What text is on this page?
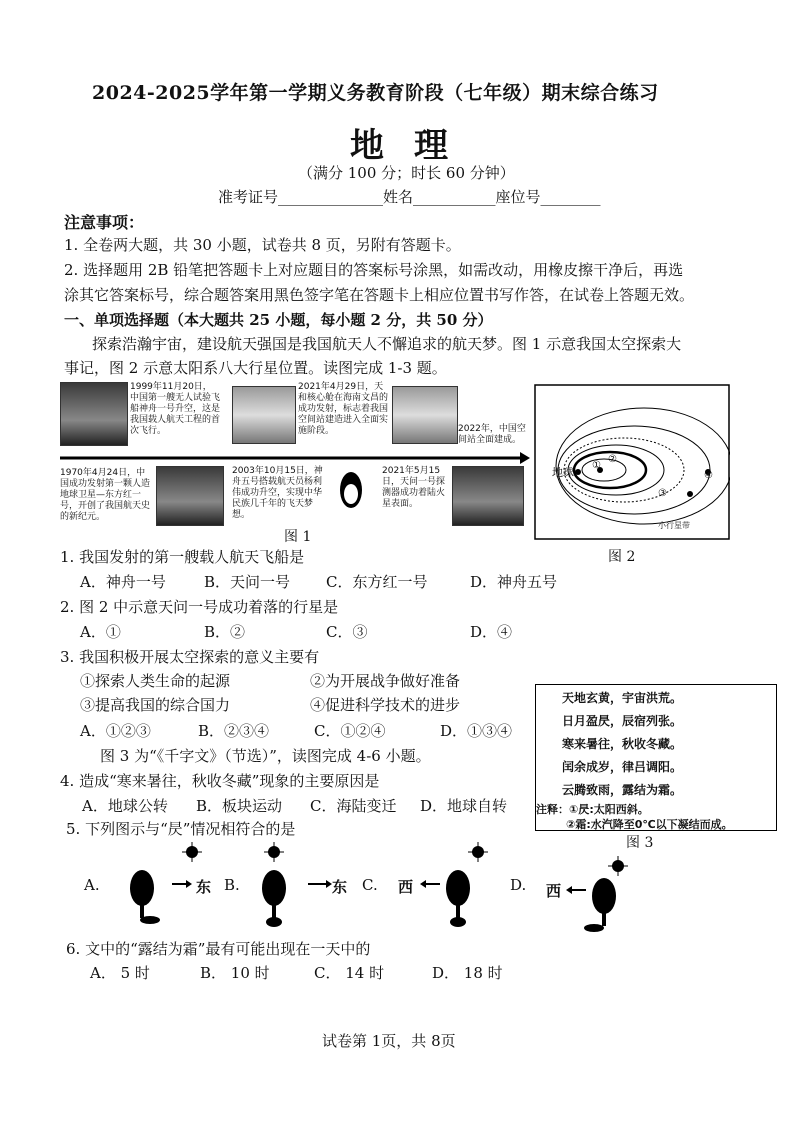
2024-2025学年第一学期义务教育阶段（七年级）期末综合练习
地理
（满分 100 分；时长 60 分钟）
准考证号______________姓名___________座位号________
注意事项：
1. 全卷两大题，共 30 小题，试卷共 8 页，另附有答题卡。
2. 选择题用 2B 铅笔把答题卡上对应题目的答案标号涂黑，如需改动，用橡皮擦干净后，再选
涂其它答案标号，综合题答案用黑色签字笔在答题卡上相应位置书写作答，在试卷上答题无效。
一、单项选择题（本大题共 25 小题，每小题 2 分，共 50 分）
探索浩瀚宇宙，建设航天强国是我国航天人不懈追求的航天梦。图 1 示意我国太空探索大
事记，图 2 示意太阳系八大行星位置。读图完成 1-3 题。
1999年11月20日，中国第一艘无人试验飞船神舟一号升空，这是我国载人航天工程的首次飞行。
2021年4月29日，天和核心舱在海南文昌的成功发射，标志着我国空间站建造进入全面实施阶段。	2022年，中国空间站全面建成。
1970年4月24日，中国成功发射第一颗人造地球卫星—东方红一号，开创了我国航天史的新纪元。
2003年10月15日，神舟五号搭载航天员杨利伟成功升空，实现中华民族几千年的飞天梦想。
2021年5月15日，天问一号探测器成功着陆火星表面。
图 1
地球
①
②
③
④
小行星带
图 2
1. 我国发射的第一艘载人航天飞船是
A．神舟一号	B．天问一号 C．东方红一号	D．神舟五号
2. 图 2 中示意天问一号成功着落的行星是
A．①	B．②	C．③	D．④
3. 我国积极开展太空探索的意义主要有
①探索人类生命的起源	②为开展战争做好准备
③提高我国的综合国力	④促进科学技术的进步
A．①②③	B．②③④	C．①②④	D．①③④
天地玄黄，宇宙洪荒。
日月盈昃，辰宿列张。
寒来暑往，秋收冬藏。
闰余成岁，律吕调阳。
云腾致雨，露结为霜。
注释：①昃:太阳西斜。
②霜:水汽降至0℃以下凝结而成。
图 3
图 3 为“《千字文》（节选）”，读图完成 4-6 小题。
4. 造成“寒来暑往，秋收冬藏”现象的主要原因是
A．地球公转 B．板块运动 C．海陆变迁 D．地球自转
5. 下列图示与“昃”情况相符合的是
A.	东 B.	东 C. 西	D. 西
6. 文中的“露结为霜”最有可能出现在一天中的
A． 5 时	B． 10 时	C． 14 时	D． 18 时
试卷第 1页，共 8页
